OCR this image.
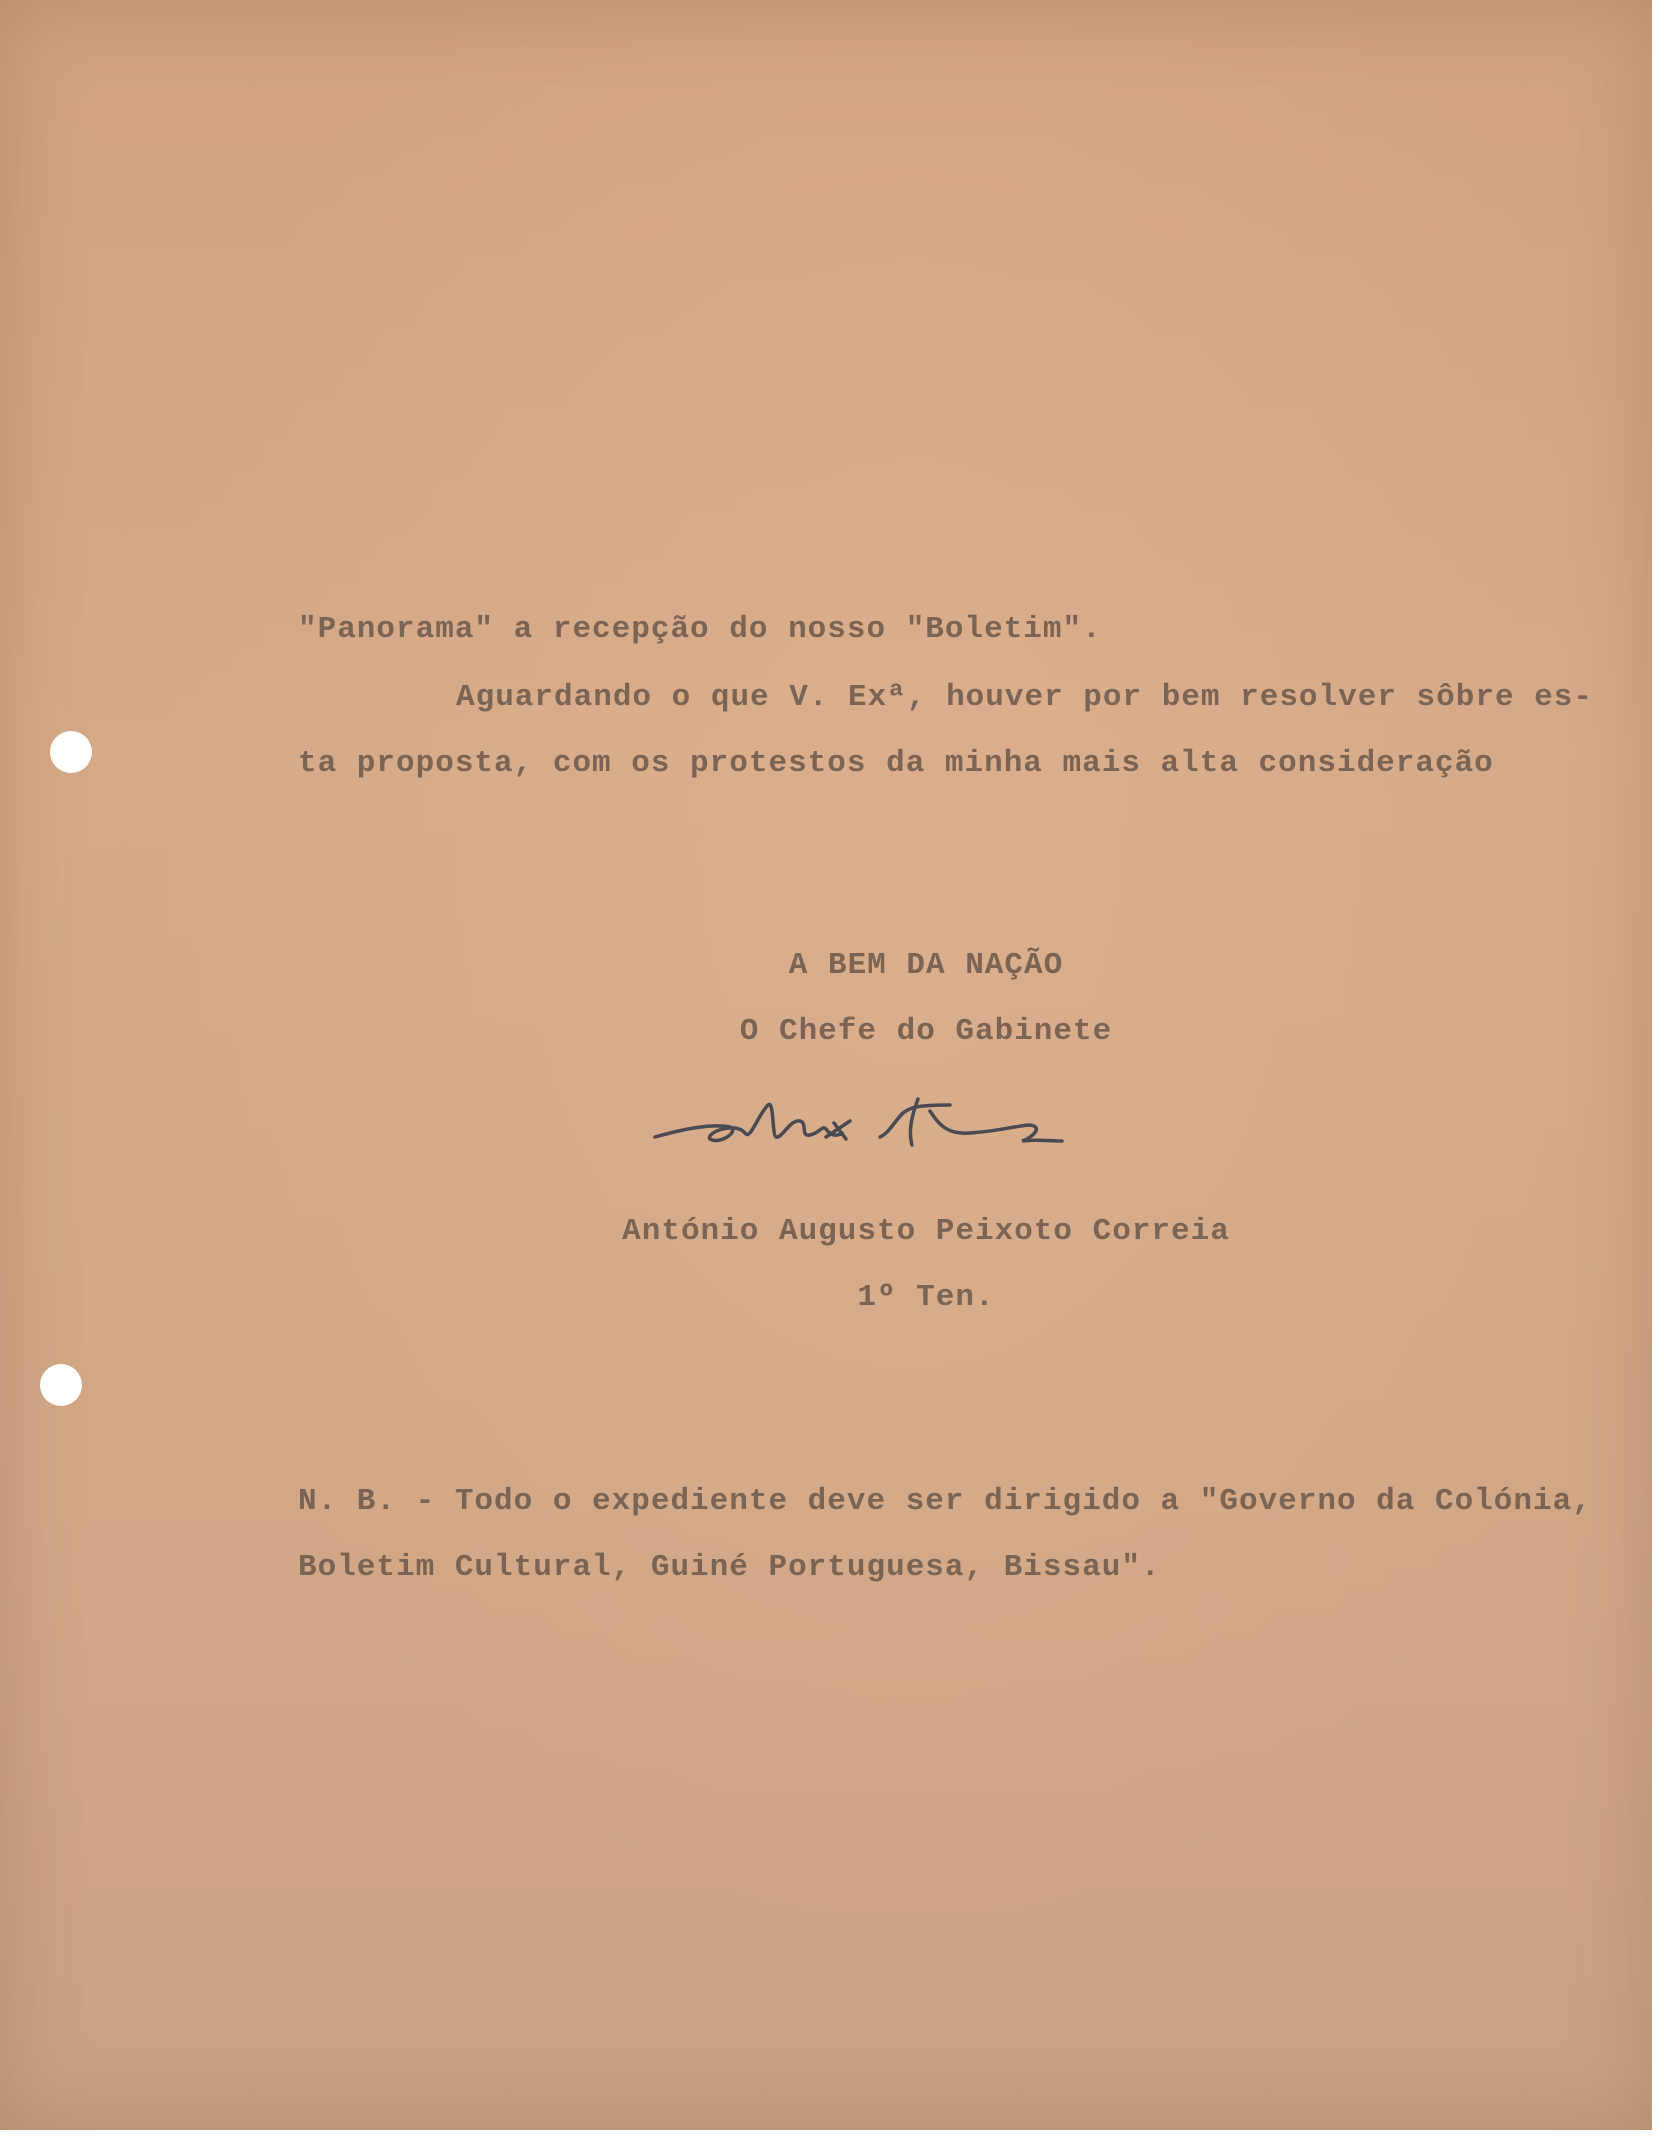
"Panorama" a recepção do nosso "Boletim".
Aguardando o que V. Exª, houver por bem resolver sôbre es-
ta proposta, com os protestos da minha mais alta consideração
A BEM DA NAÇÃO
O Chefe do Gabinete
António Augusto Peixoto Correia
1º Ten.
N. B. - Todo o expediente deve ser dirigido a "Governo da Colónia,
Boletim Cultural, Guiné Portuguesa, Bissau".
